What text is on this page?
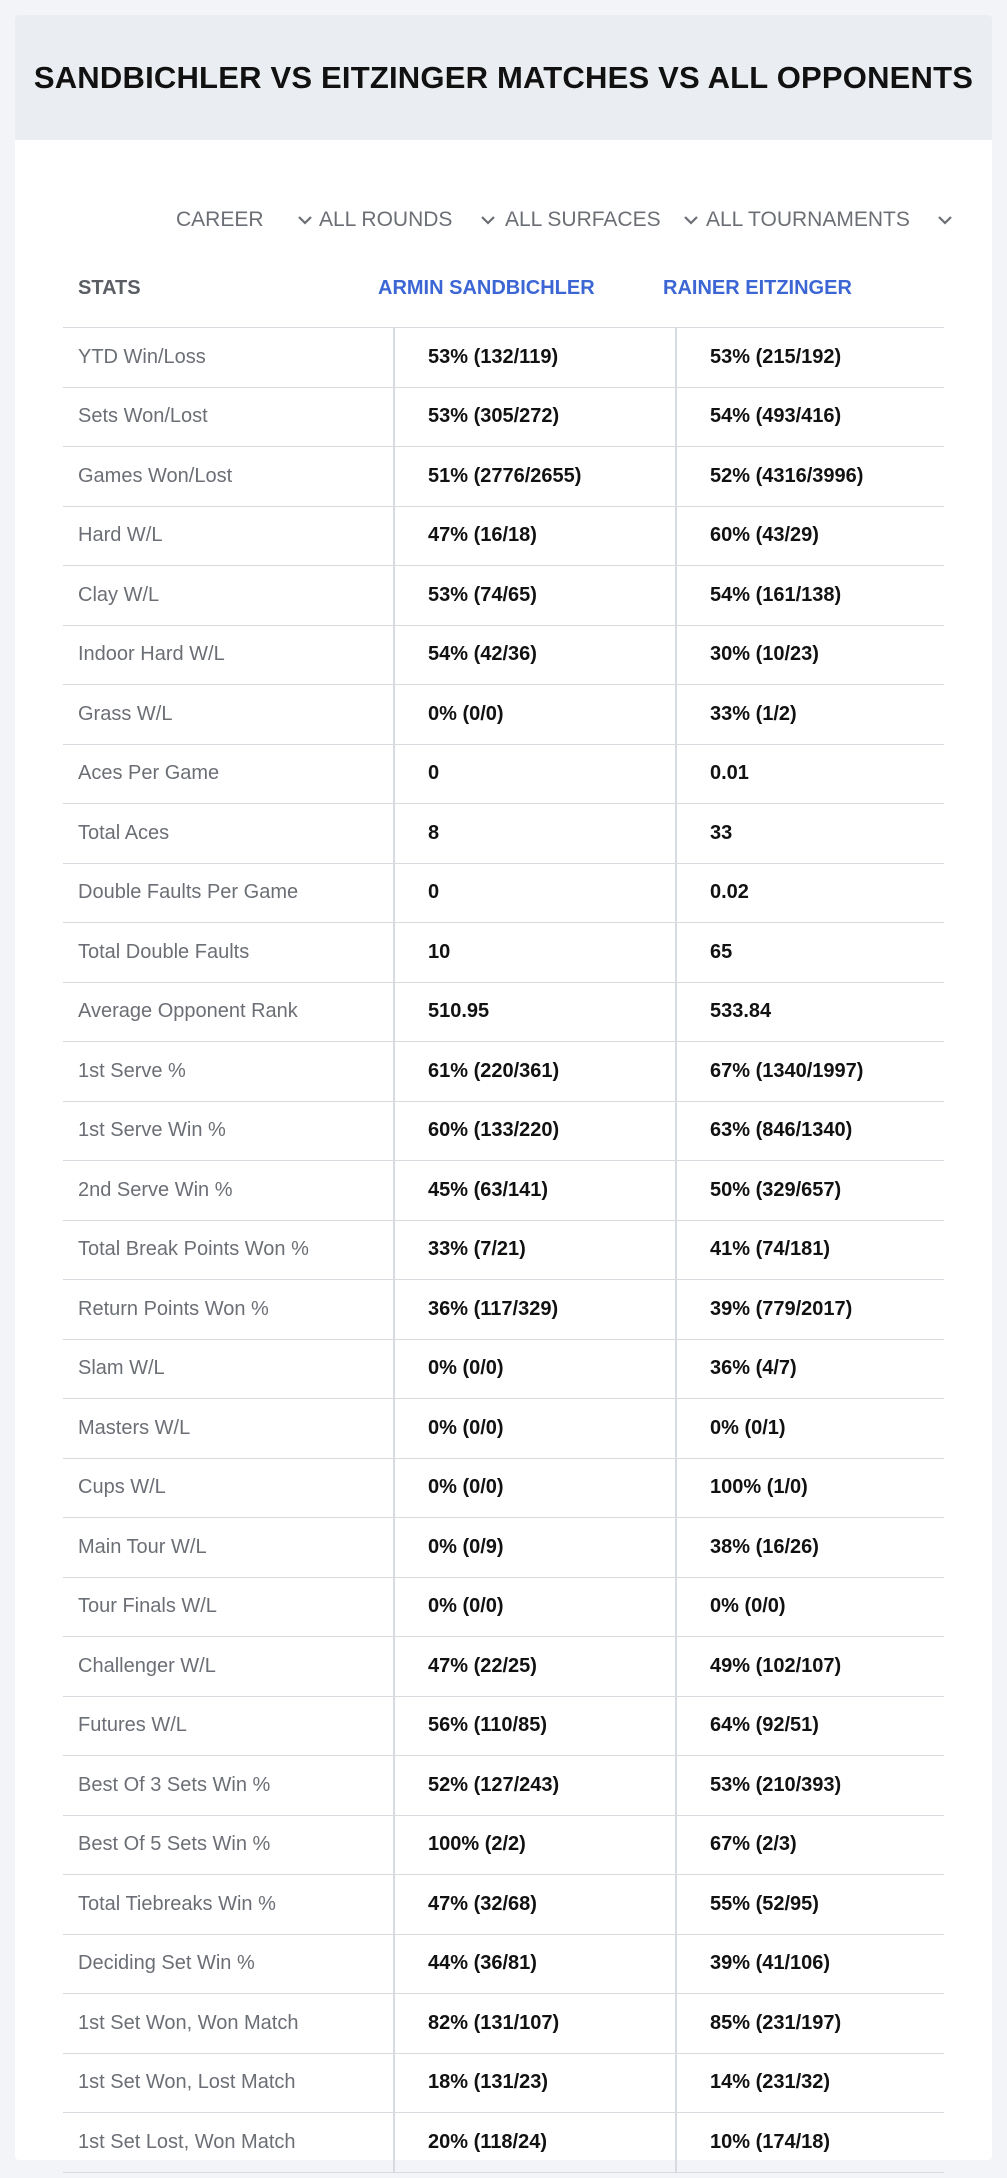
SANDBICHLER VS EITZINGER MATCHES VS ALL OPPONENTS
CAREER	ALL ROUNDS	ALL SURFACES ALL TOURNAMENTS
STATS	ARMIN SANDBICHLER	RAINER EITZINGER
YTD Win/Loss	53% (132/119)	53% (215/192)
Sets Won/Lost	53% (305/272)	54% (493/416)
Games Won/Lost	51% (2776/2655)	52% (4316/3996)
Hard W/L	47% (16/18)	60% (43/29)
Clay W/L	53% (74/65)	54% (161/138)
Indoor Hard W/L	54% (42/36)	30% (10/23)
Grass W/L	0% (0/0)	33% (1/2)
Aces Per Game	0	0.01
Total Aces	8	33
Double Faults Per Game	0	0.02
Total Double Faults	10	65
Average Opponent Rank	510.95	533.84
1st Serve %	61% (220/361)	67% (1340/1997)
1st Serve Win %	60% (133/220)	63% (846/1340)
2nd Serve Win %	45% (63/141)	50% (329/657)
Total Break Points Won %	33% (7/21)	41% (74/181)
Return Points Won %	36% (117/329)	39% (779/2017)
Slam W/L	0% (0/0)	36% (4/7)
Masters W/L	0% (0/0)	0% (0/1)
Cups W/L	0% (0/0)	100% (1/0)
Main Tour W/L	0% (0/9)	38% (16/26)
Tour Finals W/L	0% (0/0)	0% (0/0)
Challenger W/L	47% (22/25)	49% (102/107)
Futures W/L	56% (110/85)	64% (92/51)
Best Of 3 Sets Win %	52% (127/243)	53% (210/393)
Best Of 5 Sets Win %	100% (2/2)	67% (2/3)
Total Tiebreaks Win %	47% (32/68)	55% (52/95)
Deciding Set Win %	44% (36/81)	39% (41/106)
1st Set Won, Won Match	82% (131/107)	85% (231/197)
1st Set Won, Lost Match	18% (131/23)	14% (231/32)
1st Set Lost, Won Match	20% (118/24)	10% (174/18)
